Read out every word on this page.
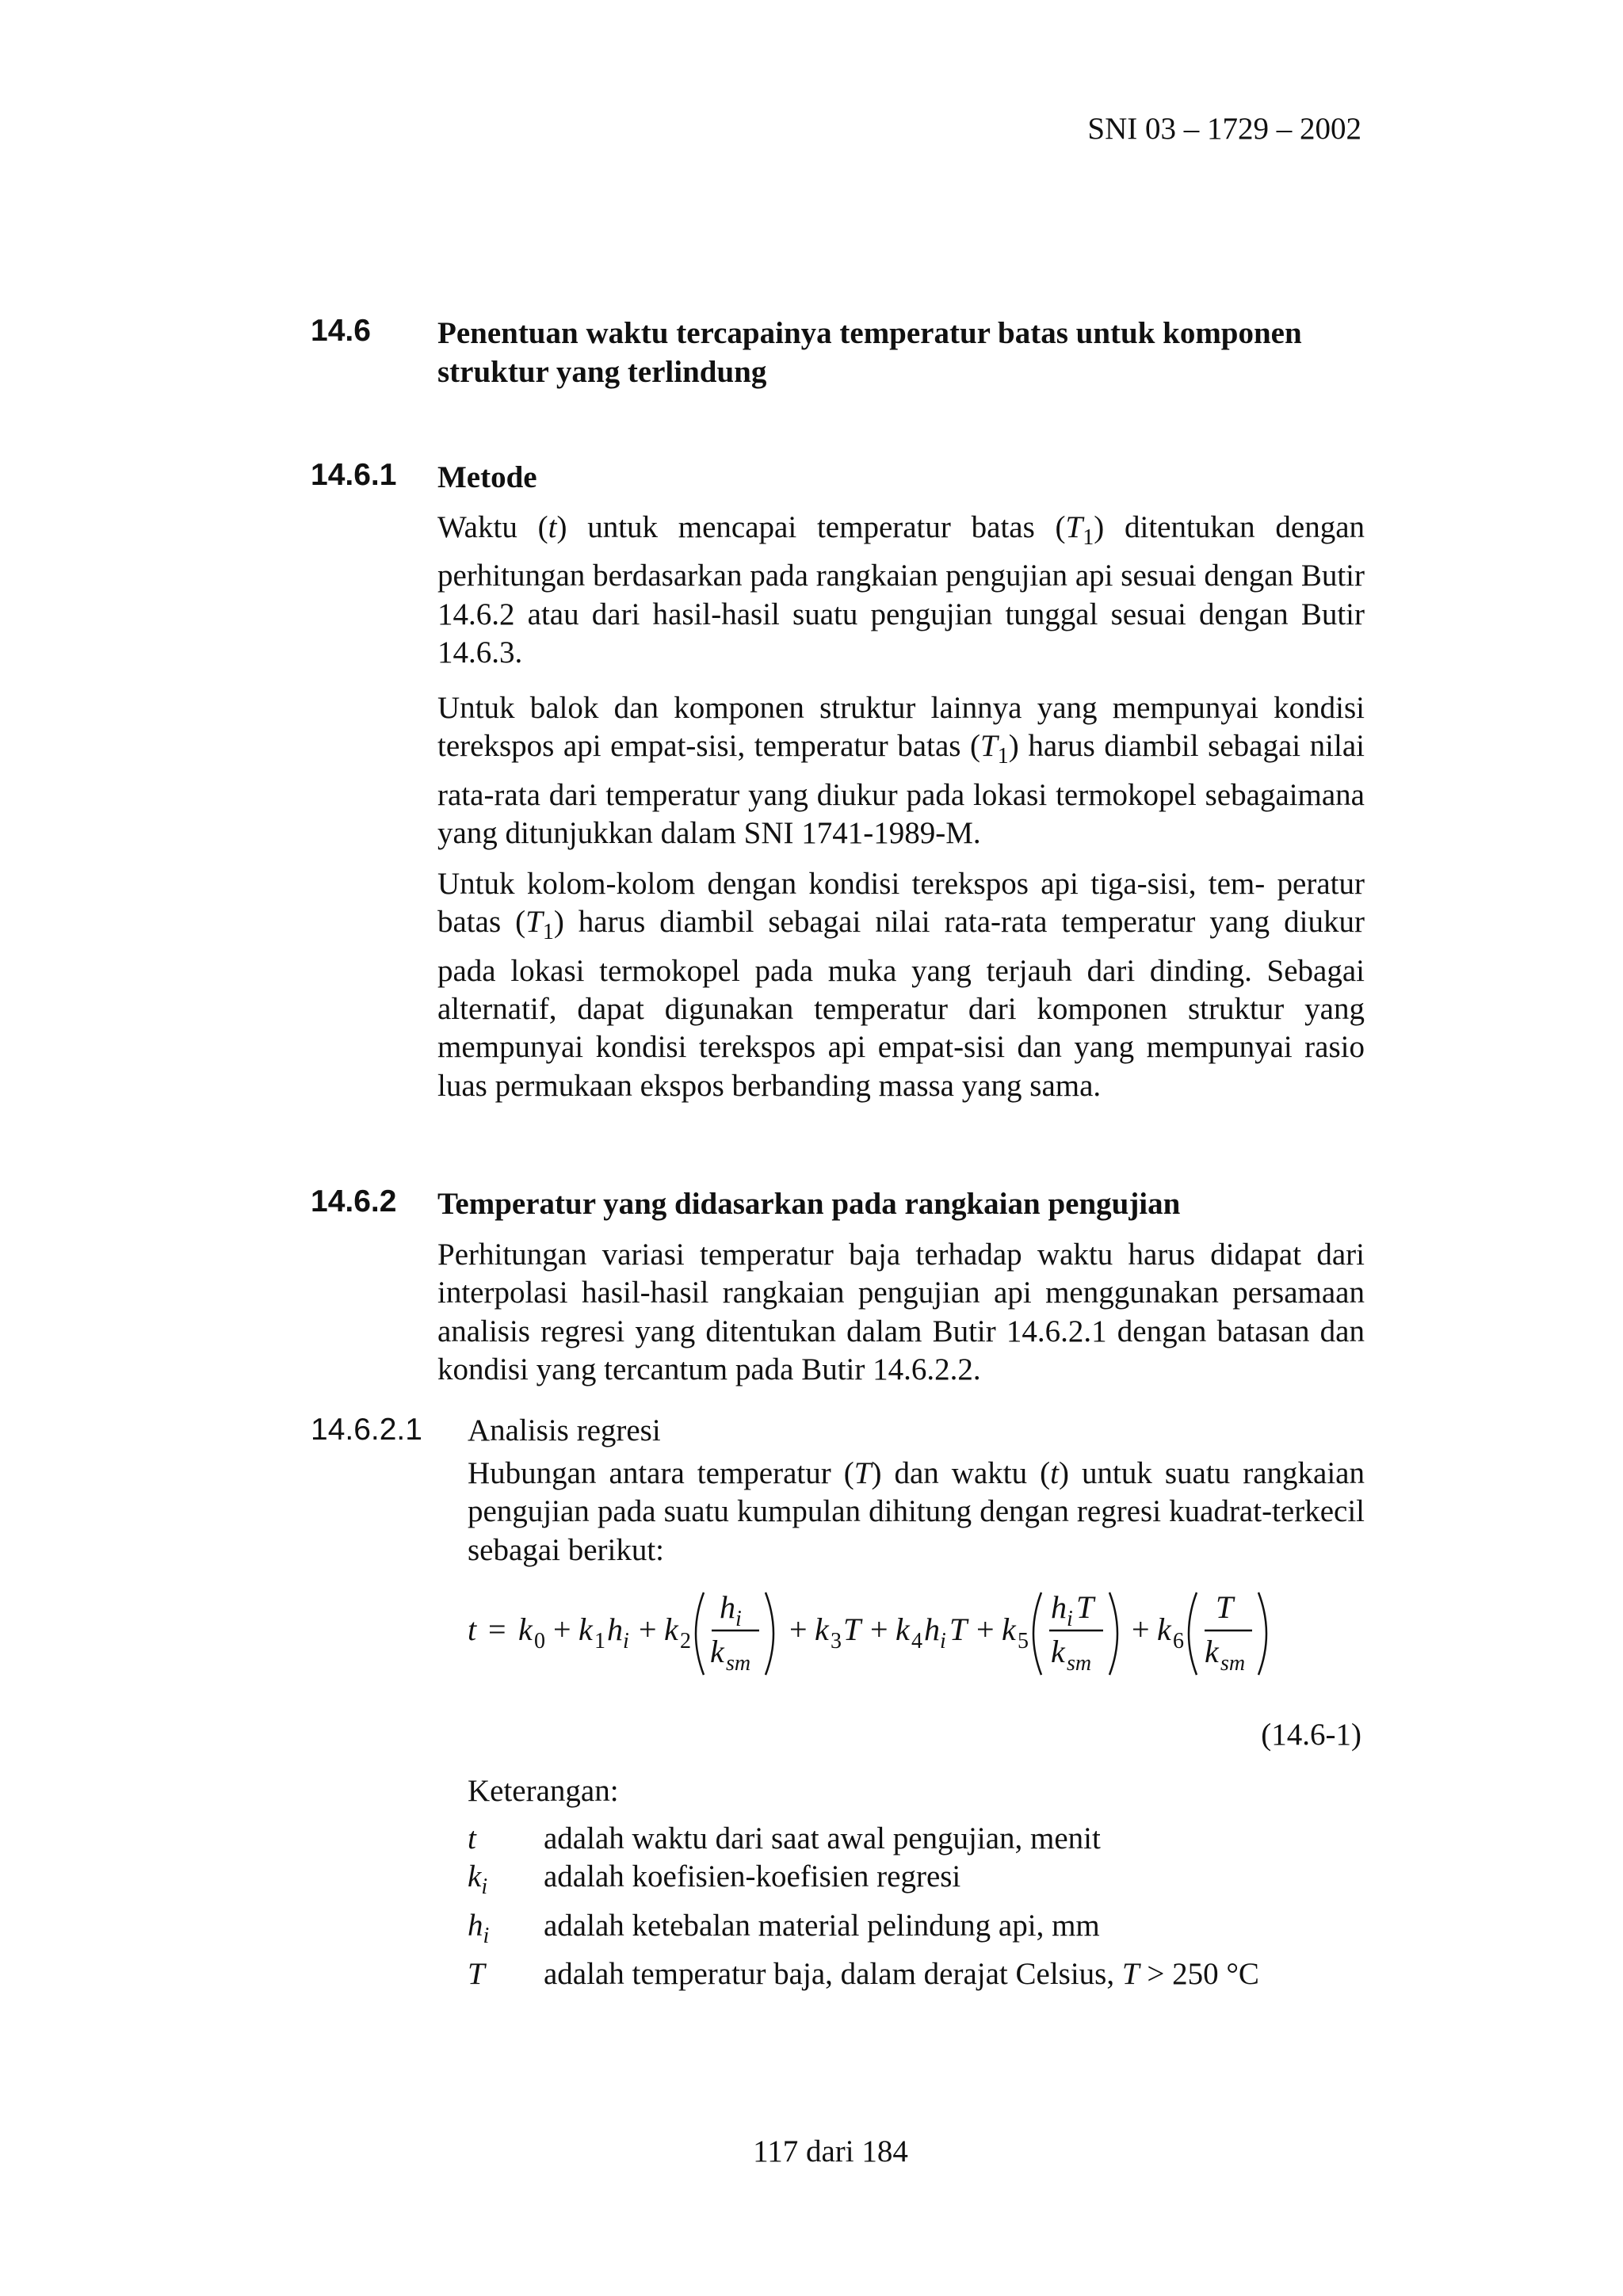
SNI 03 – 1729 – 2002
14.6 Penentuan waktu tercapainya temperatur batas untuk komponen
struktur yang terlindung
14.6.1 Metode
Waktu (t) untuk mencapai temperatur batas $(T_1)$ ditentukan dengan perhitungan berdasarkan pada rangkaian pengujian api sesuai dengan Butir 14.6.2 atau dari hasil-hasil suatu pengujian tunggal sesuai dengan Butir 14.6.3.
Untuk balok dan komponen struktur lainnya yang mempunyai kondisi terekspos api empat-sisi, temperatur batas $(T_1)$ harus diambil sebagai nilai rata-rata dari temperatur yang diukur pada lokasi termokopel sebagaimana yang ditunjukkan dalam SNI 1741-1989-M.
Untuk kolom-kolom dengan kondisi terekspos api tiga-sisi, tem- peratur batas $(T_1)$ harus diambil sebagai nilai rata-rata temperatur yang diukur pada lokasi termokopel pada muka yang terjauh dari dinding. Sebagai alternatif, dapat digunakan temperatur dari komponen struktur yang mempunyai kondisi terekspos api empat-sisi dan yang mempunyai rasio luas permukaan ekspos berbanding massa yang sama.
14.6.2 Temperatur yang didasarkan pada rangkaian pengujian
Perhitungan variasi temperatur baja terhadap waktu harus didapat dari interpolasi hasil-hasil rangkaian pengujian api menggunakan persamaan analisis regresi yang ditentukan dalam Butir 14.6.2.1 dengan batasan dan kondisi yang tercantum pada Butir 14.6.2.2.
14.6.2.1 Analisis regresi
Hubungan antara temperatur (T) dan waktu (t) untuk suatu rangkaian pengujian pada suatu kumpulan dihitung dengan regresi kuadrat-terkecil sebagai berikut:
t = k 0 + k 1 h i + k 2
h i
k sm
+ k 3 T + k 4 h i T + k 5
h i T
k sm
+ k 6
T
k sm
(14.6-1)
Keterangan:
t	adalah waktu dari saat awal pengujian, menit
$k_i$	adalah koefisien-koefisien regresi
$h_i$	adalah ketebalan material pelindung api, mm
T	adalah temperatur baja, dalam derajat Celsius, T > 250 °C
117 dari 184
